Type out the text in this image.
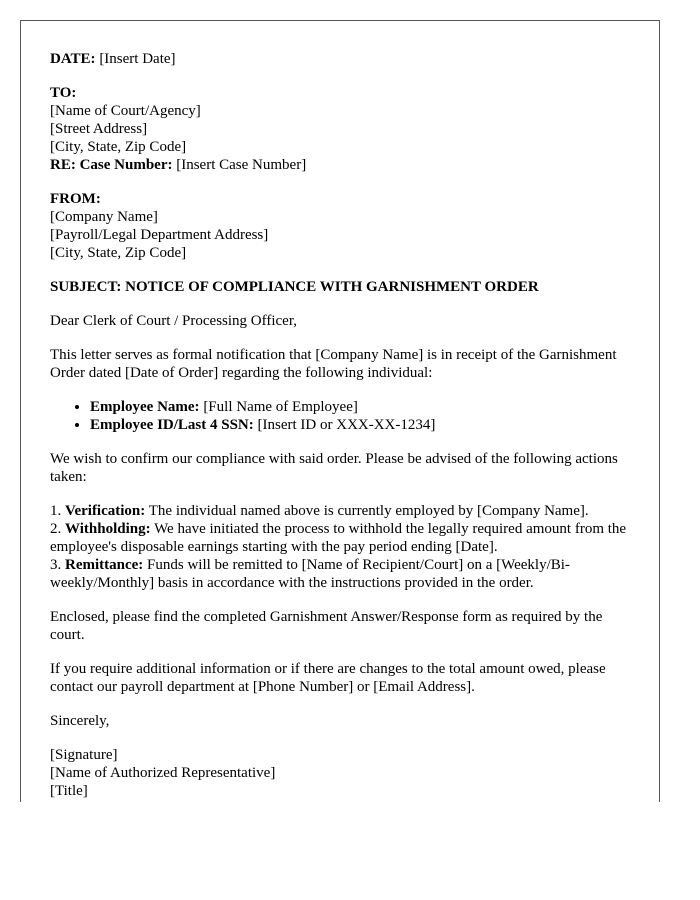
DATE: [Insert Date]
TO:
[Name of Court/Agency]
[Street Address]
[City, State, Zip Code]
RE: Case Number: [Insert Case Number]
FROM:
[Company Name]
[Payroll/Legal Department Address]
[City, State, Zip Code]
SUBJECT: NOTICE OF COMPLIANCE WITH GARNISHMENT ORDER
Dear Clerk of Court / Processing Officer,
This letter serves as formal notification that [Company Name] is in receipt of the Garnishment Order dated [Date of Order] regarding the following individual:
• Employee Name: [Full Name of Employee]
• Employee ID/Last 4 SSN: [Insert ID or XXX-XX-1234]
We wish to confirm our compliance with said order. Please be advised of the following actions taken:
1. Verification: The individual named above is currently employed by [Company Name].
2. Withholding: We have initiated the process to withhold the legally required amount from the employee's disposable earnings starting with the pay period ending [Date].
3. Remittance: Funds will be remitted to [Name of Recipient/Court] on a [Weekly/Bi-weekly/Monthly] basis in accordance with the instructions provided in the order.
Enclosed, please find the completed Garnishment Answer/Response form as required by the court.
If you require additional information or if there are changes to the total amount owed, please contact our payroll department at [Phone Number] or [Email Address].
Sincerely,
[Signature]
[Name of Authorized Representative]
[Title]
